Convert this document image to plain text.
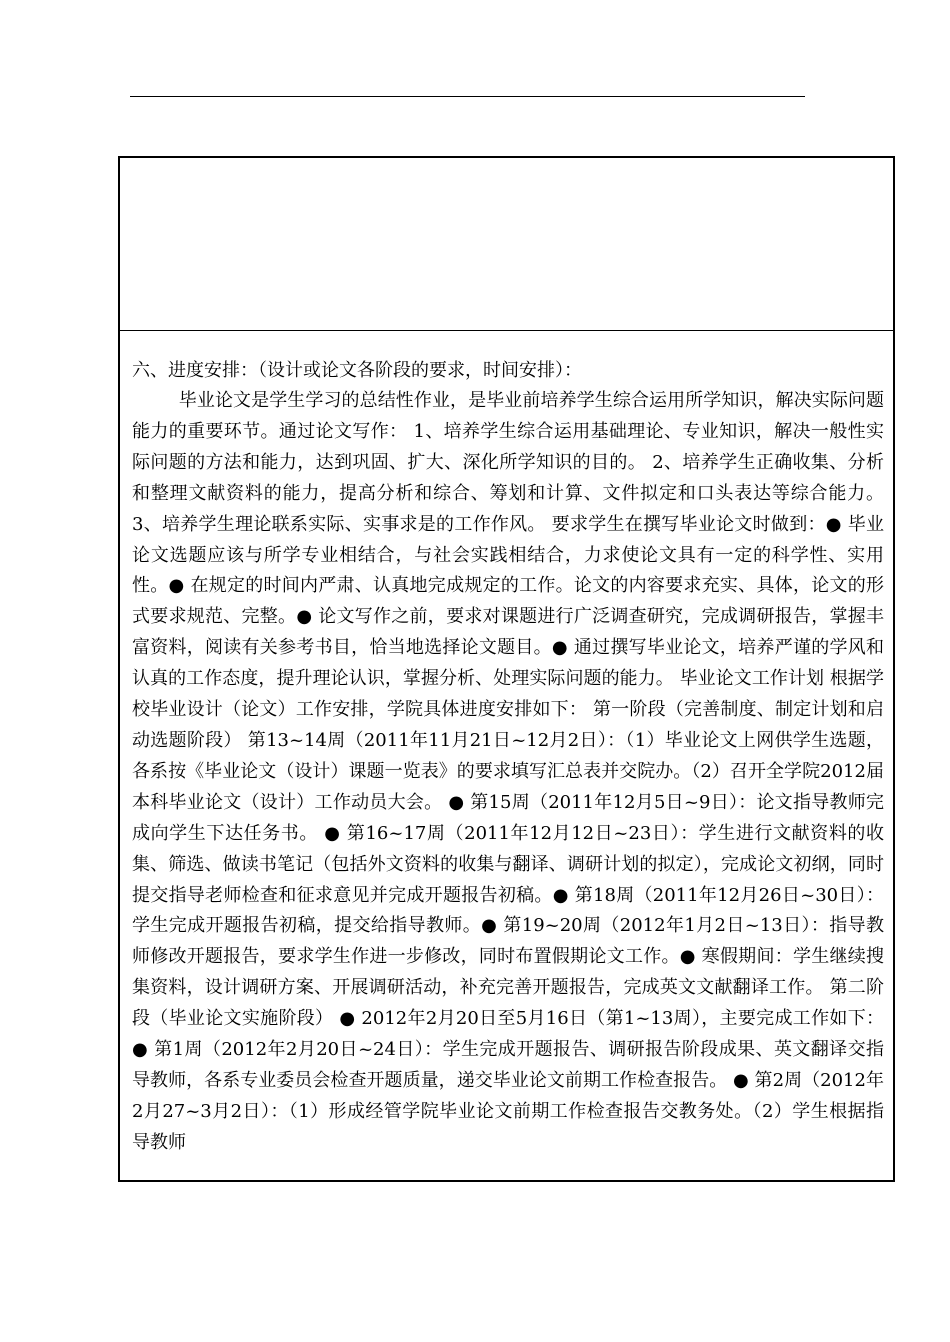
六、进度安排：（设计或论文各阶段的要求，时间安排）：

毕业论文是学生学习的总结性作业，是毕业前培养学生综合运用所学知识，解决实际问题能力的重要环节。通过论文写作： 1、培养学生综合运用基础理论、专业知识，解决一般性实际问题的方法和能力，达到巩固、扩大、深化所学知识的目的。 2、培养学生正确收集、分析和整理文献资料的能力，提高分析和综合、筹划和计算、文件拟定和口头表达等综合能力。 3、培养学生理论联系实际、实事求是的工作作风。 要求学生在撰写毕业论文时做到：● 毕业论文选题应该与所学专业相结合，与社会实践相结合，力求使论文具有一定的科学性、实用性。● 在规定的时间内严肃、认真地完成规定的工作。论文的内容要求充实、具体，论文的形式要求规范、完整。● 论文写作之前，要求对课题进行广泛调查研究，完成调研报告，掌握丰富资料，阅读有关参考书目，恰当地选择论文题目。● 通过撰写毕业论文，培养严谨的学风和认真的工作态度，提升理论认识，掌握分析、处理实际问题的能力。 毕业论文工作计划 根据学校毕业设计（论文）工作安排，学院具体进度安排如下： 第一阶段（完善制度、制定计划和启动选题阶段） 第13~14周（2011年11月21日~12月2日）：（1）毕业论文上网供学生选题，各系按《毕业论文（设计）课题一览表》的要求填写汇总表并交院办。（2）召开全学院2012届本科毕业论文（设计）工作动员大会。 ● 第15周（2011年12月5日~9日）：论文指导教师完成向学生下达任务书。 ● 第16~17周（2011年12月12日~23日）：学生进行文献资料的收集、筛选、做读书笔记（包括外文资料的收集与翻译、调研计划的拟定），完成论文初纲，同时提交指导老师检查和征求意见并完成开题报告初稿。● 第18周（2011年12月26日~30日）：学生完成开题报告初稿，提交给指导教师。● 第19~20周（2012年1月2日~13日）：指导教师修改开题报告，要求学生作进一步修改，同时布置假期论文工作。● 寒假期间：学生继续搜集资料，设计调研方案、开展调研活动，补充完善开题报告，完成英文文献翻译工作。 第二阶段（毕业论文实施阶段） ● 2012年2月20日至5月16日（第1~13周），主要完成工作如下：● 第1周（2012年2月20日~24日）：学生完成开题报告、调研报告阶段成果、英文翻译交指导教师，各系专业委员会检查开题质量，递交毕业论文前期工作检查报告。 ● 第2周（2012年2月27~3月2日）：（1）形成经管学院毕业论文前期工作检查报告交教务处。（2）学生根据指导教师
